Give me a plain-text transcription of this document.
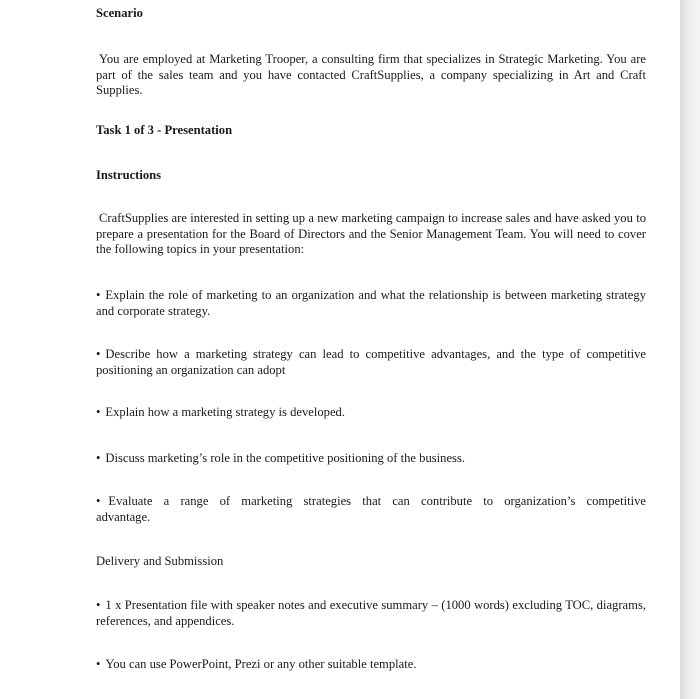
Scenario

You are employed at Marketing Trooper, a consulting firm that specializes in Strategic Marketing. You are part of the sales team and you have contacted CraftSupplies, a company specializing in Art and Craft Supplies.

Task 1 of 3 - Presentation

Instructions

CraftSupplies are interested in setting up a new marketing campaign to increase sales and have asked you to prepare a presentation for the Board of Directors and the Senior Management Team. You will need to cover the following topics in your presentation:

• Explain the role of marketing to an organization and what the relationship is between marketing strategy and corporate strategy.

• Describe how a marketing strategy can lead to competitive advantages, and the type of competitive positioning an organization can adopt

• Explain how a marketing strategy is developed.

• Discuss marketing’s role in the competitive positioning of the business.

• Evaluate a range of marketing strategies that can contribute to organization’s competitive advantage.

Delivery and Submission

• 1 x Presentation file with speaker notes and executive summary – (1000 words) excluding TOC, diagrams, references, and appendices.

• You can use PowerPoint, Prezi or any other suitable template.
